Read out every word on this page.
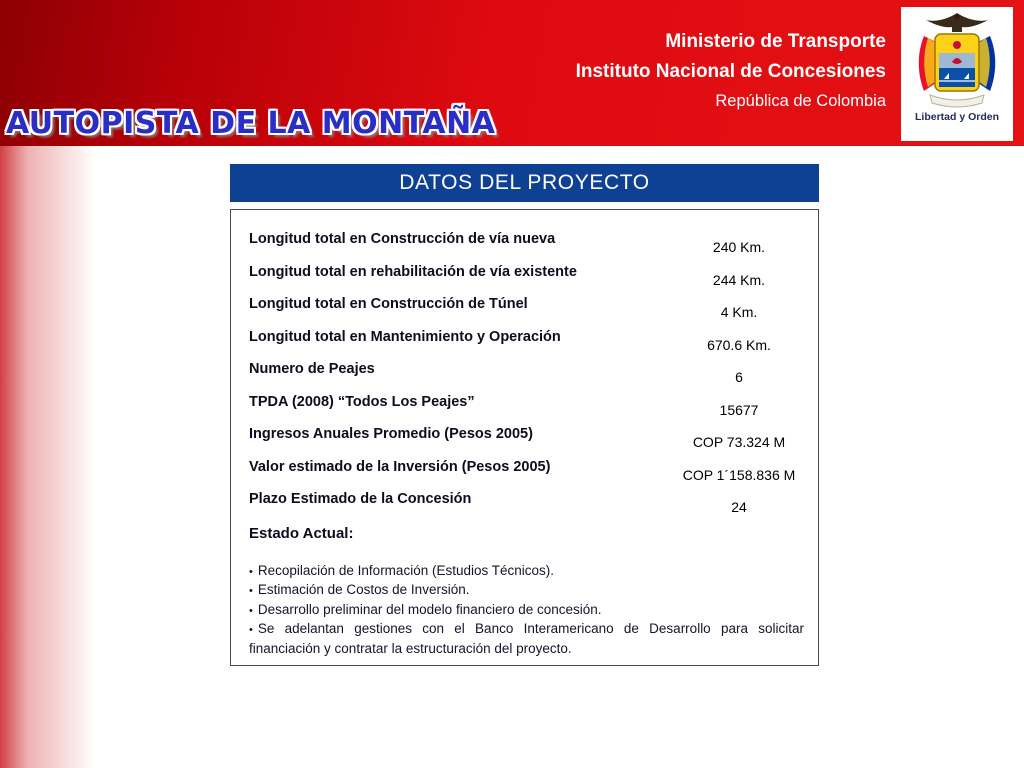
Ministerio de Transporte
Instituto Nacional de Concesiones
República de Colombia
Libertad y Orden
AUTOPISTA DE LA MONTAÑA
DATOS DEL PROYECTO
Longitud total en Construcción de vía nueva	240 Km.
Longitud total en rehabilitación de vía existente	244 Km.
Longitud total en Construcción de Túnel	4 Km.
Longitud total en Mantenimiento y Operación	670.6 Km.
Numero de Peajes	6
TPDA (2008) “Todos Los Peajes”	15677
Ingresos Anuales Promedio (Pesos 2005)	COP 73.324 M
Valor estimado de la Inversión (Pesos 2005)	COP 1´158.836 M
Plazo Estimado de la Concesión	24
Estado Actual:
• Recopilación de Información (Estudios Técnicos).
• Estimación de Costos de Inversión.
• Desarrollo preliminar del modelo financiero de concesión.
• Se adelantan gestiones con el Banco Interamericano de Desarrollo para solicitar financiación y contratar la estructuración del proyecto.
